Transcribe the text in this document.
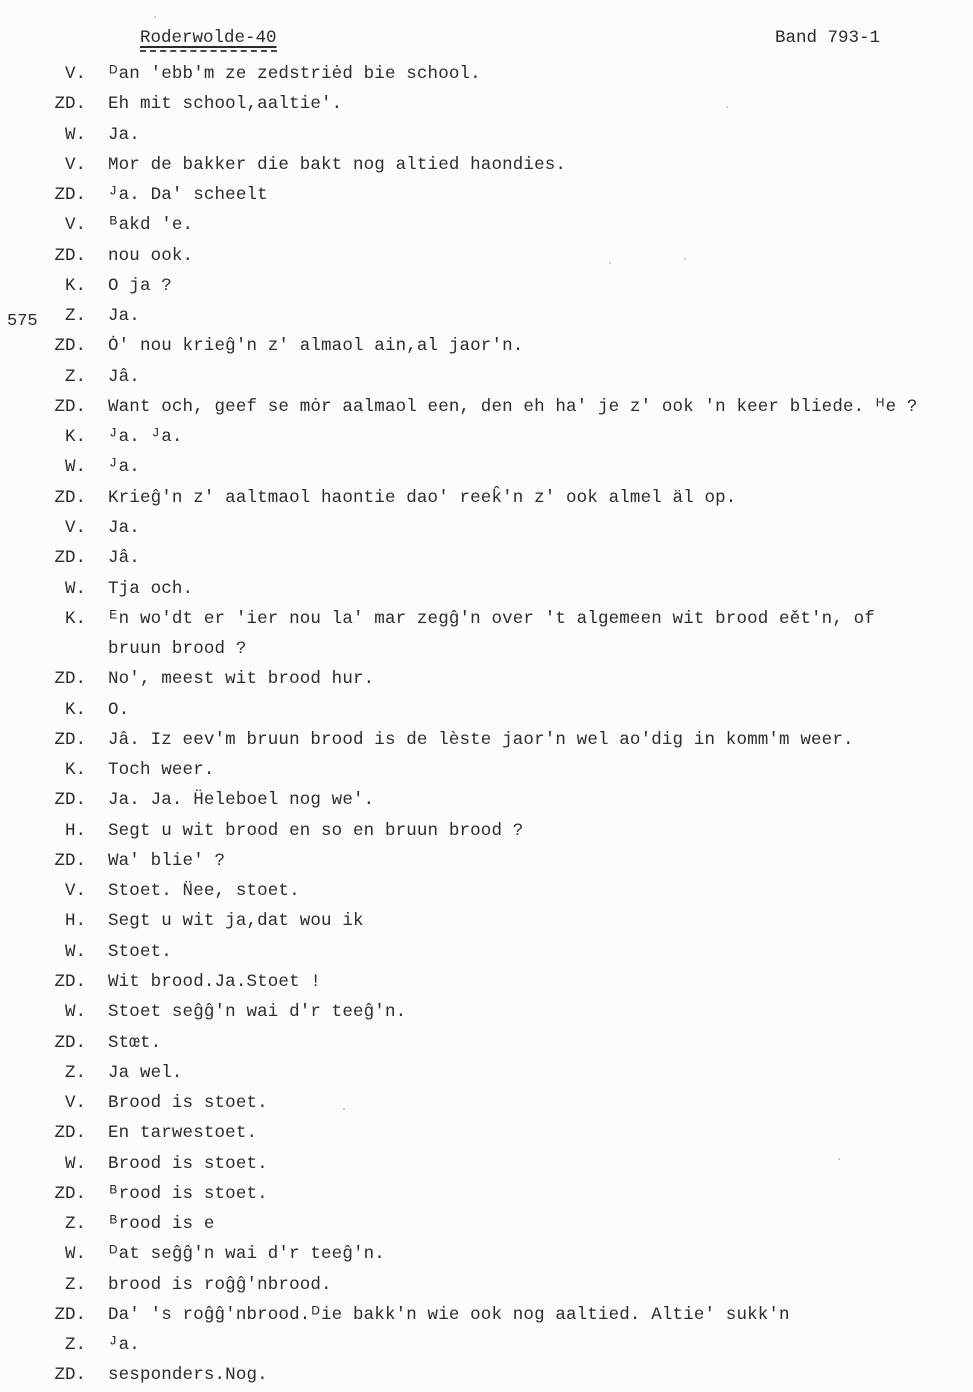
Roderwolde-40	Band 793-1
V. ᴰan 'ebb'm ze zedstriėd bie school.
ZD. Eh mit school,aaltie'.
W. Ja.
V. Mor de bakker die bakt nog altied haondies.
ZD. ᴶa. Da' scheelt
V. ᴮakd 'e.
ZD. nou ook.
K. O ja ?
575	Z. Ja.
ZD. Ȯ' nou krieĝ'n z' almaol ain,al jaor'n.
Z. Jâ.
ZD. Want och, geef se mȯr aalmaol een, den eh ha' je z' ook 'n keer bliede. ᴴe ?
K. ᴶa. ᴶa.
W. ᴶa.
ZD. Krieĝ'n z' aaltmaol haontie dao' reek̂'n z' ook almel äl op.
V. Ja.
ZD. Jâ.
W. Tja och.
K. ᴱn wo'dt er 'ier nou la' mar zegĝ'n over 't algemeen wit brood eět'n, of
bruun brood ?
ZD. No', meest wit brood hur.
K. O.
ZD. Jâ. Iz eev'm bruun brood is de lèste jaor'n wel ao'dig in komm'm weer.
K. Toch weer.
ZD. Ja. Ja. Ḧeleboel nog we'.
H. Segt u wit brood en so en bruun brood ?
ZD. Wa' blie' ?
V. Stoet. N̈ee, stoet.
H. Segt u wit ja,dat wou ik
W. Stoet.
ZD. Wit brood.Ja.Stoet !
W. Stoet seĝĝ'n wai d'r teeĝ'n.
ZD. Stœt.
Z. Ja wel.
V. Brood is stoet.
ZD. En tarwestoet.
W. Brood is stoet.
ZD. ᴮrood is stoet.
Z. ᴮrood is e
W. ᴰat seĝĝ'n wai d'r teeĝ'n.
Z. brood is roĝĝ'nbrood.
ZD. Da' 's roĝĝ'nbrood.ᴰie bakk'n wie ook nog aaltied. Altie' sukk'n
Z. ᴶa.
ZD. sesponders.Nog.
